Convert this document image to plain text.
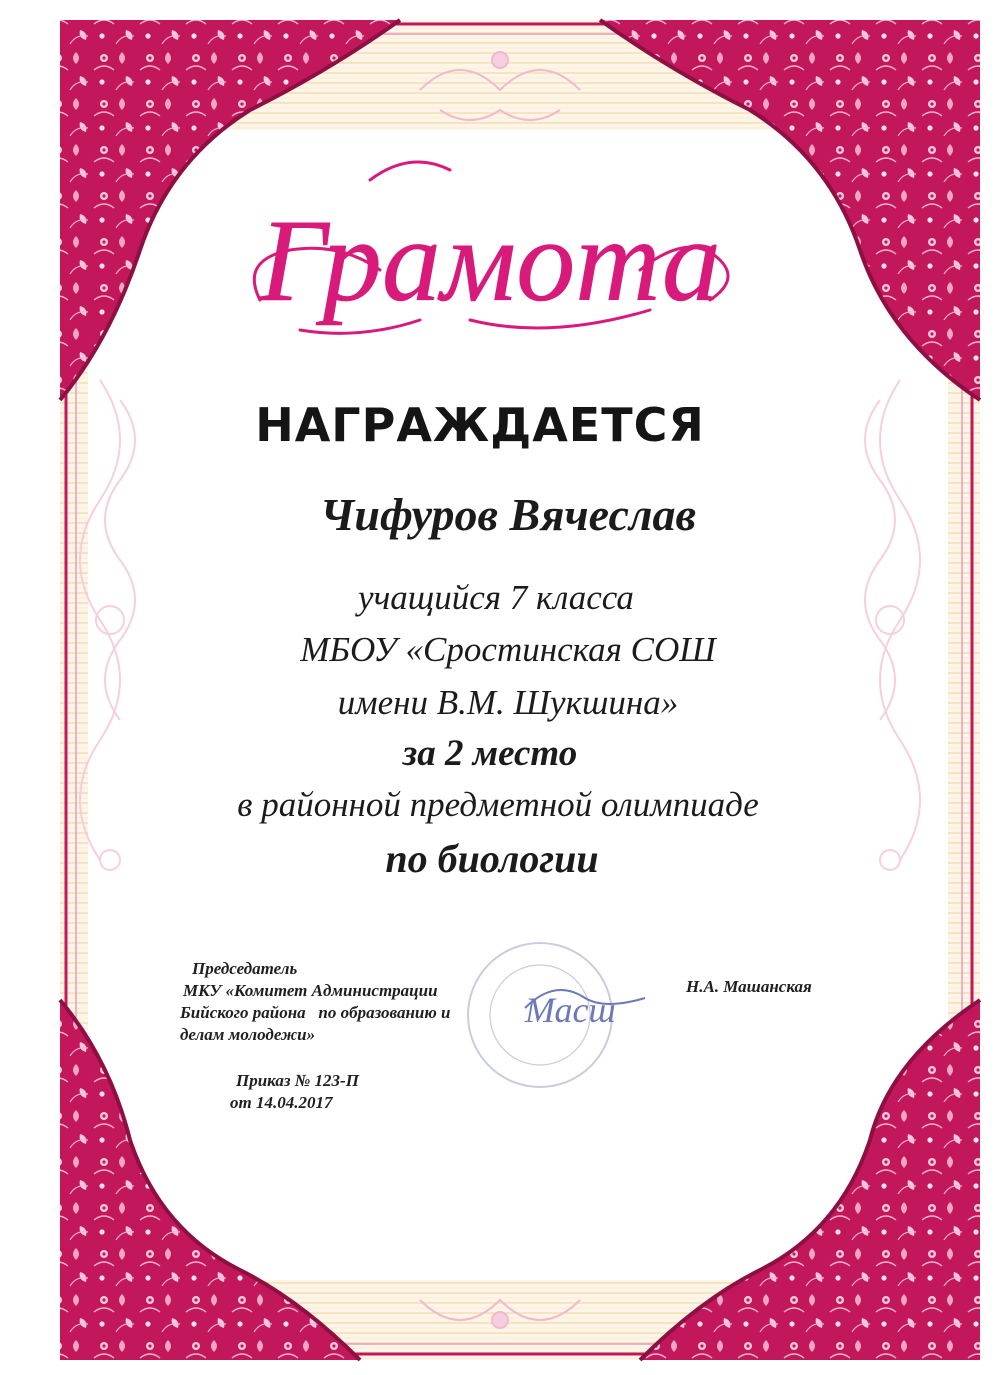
Грамота
Масш
НАГРАЖДАЕТСЯ
Чифуров Вячеслав
учащийся 7 класса
МБОУ «Сростинская СОШ
имени В.М. Шукшина»
за 2 место
в районной предметной олимпиаде
по биологии
Председатель
МКУ «Комитет Администрации
Бийского района   по образованию и
делам молодежи»
Н.А. Машанская
Приказ № 123-П
от 14.04.2017
